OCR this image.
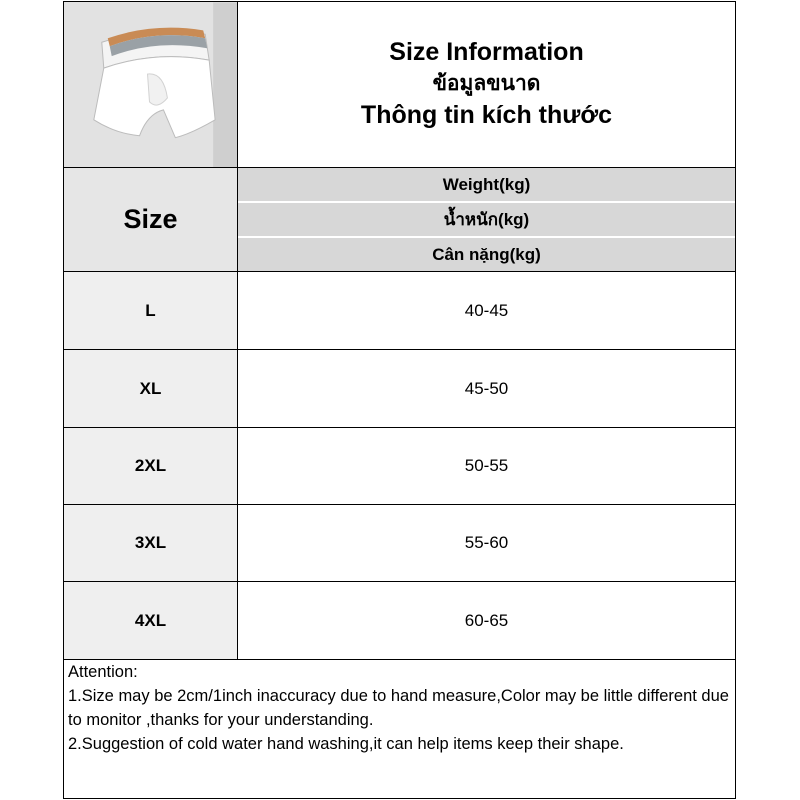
Size Information
ข้อมูลขนาด
Thông tin kích thước
Size
Weight(kg)
น้ำหนัก(kg)
Cân nặng(kg)
L	40-45
XL	45-50
2XL	50-55
3XL	55-60
4XL	60-65
Attention:
1.Size may be 2cm/1inch inaccuracy due to hand measure,Color may be little different due to monitor ,thanks for your understanding.
2.Suggestion of cold water hand washing,it can help items keep their shape.
